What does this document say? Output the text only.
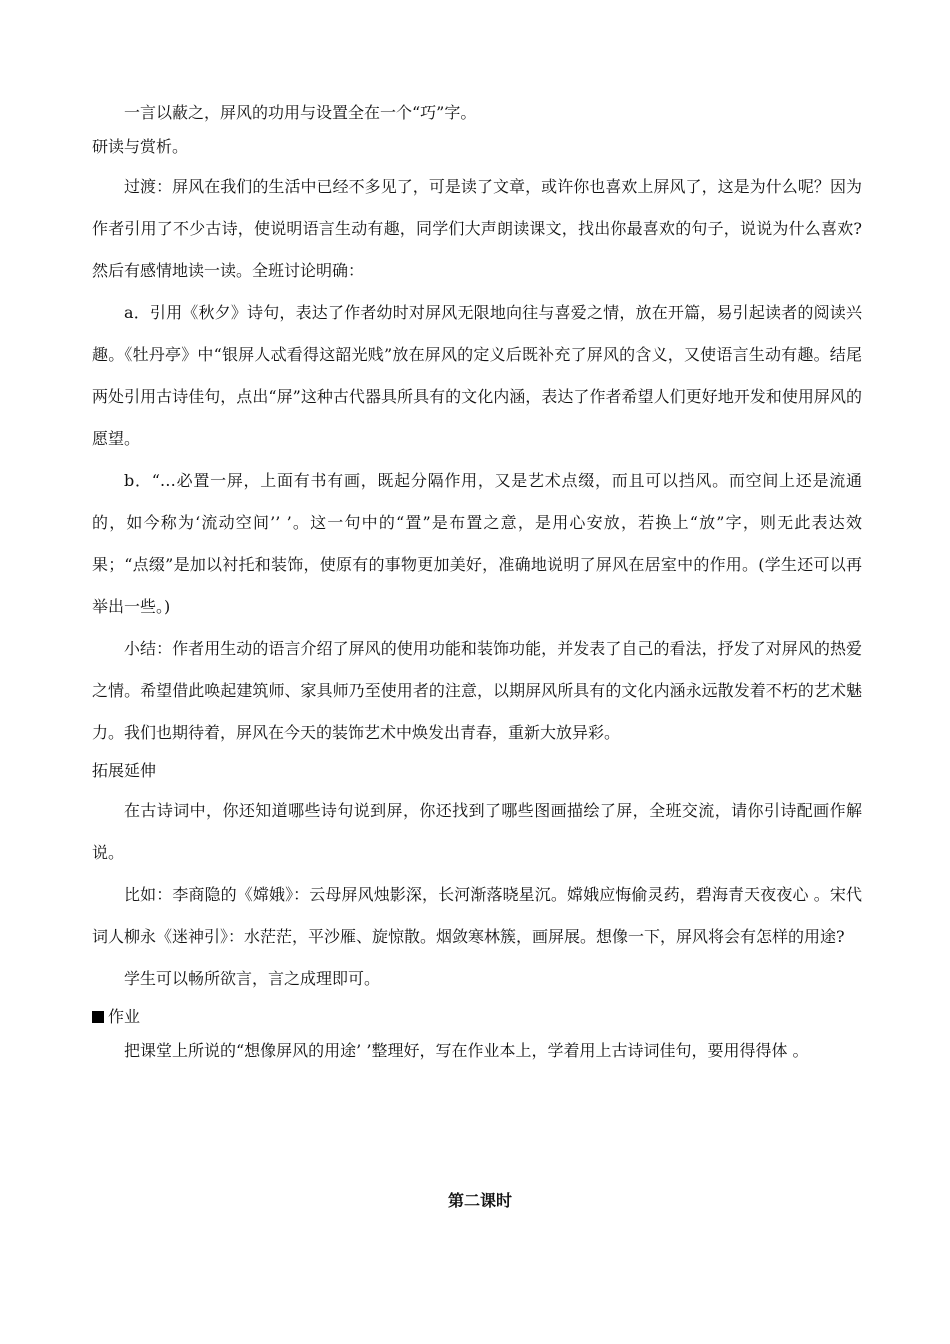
一言以蔽之，屏风的功用与设置全在一个“巧”字。

研读与赏析。

过渡：屏风在我们的生活中已经不多见了，可是读了文章，或许你也喜欢上屏风了，这是为什么呢？因为作者引用了不少古诗，使说明语言生动有趣，同学们大声朗读课文，找出你最喜欢的句子，说说为什么喜欢?然后有感情地读一读。全班讨论明确：

a．引用《秋夕》诗句，表达了作者幼时对屏风无限地向往与喜爱之情，放在开篇，易引起读者的阅读兴趣。《牡丹亭》中“银屏人忒看得这韶光贱”放在屏风的定义后既补充了屏风的含义，又使语言生动有趣。结尾两处引用古诗佳句，点出“屏”这种古代器具所具有的文化内涵，表达了作者希望人们更好地开发和使用屏风的愿望。

b．“…必置一屏，上面有书有画，既起分隔作用，又是艺术点缀，而且可以挡风。而空间上还是流通的，如今称为‘流动空间’’ ’。这一句中的“置”是布置之意，是用心安放，若换上“放”字，则无此表达效果；“点缀”是加以衬托和装饰，使原有的事物更加美好，准确地说明了屏风在居室中的作用。(学生还可以再举出一些。)

小结：作者用生动的语言介绍了屏风的使用功能和装饰功能，并发表了自己的看法，抒发了对屏风的热爱之情。希望借此唤起建筑师、家具师乃至使用者的注意，以期屏风所具有的文化内涵永远散发着不朽的艺术魅力。我们也期待着，屏风在今天的装饰艺术中焕发出青春，重新大放异彩。

拓展延伸

在古诗词中，你还知道哪些诗句说到屏，你还找到了哪些图画描绘了屏，全班交流，请你引诗配画作解说。

比如：李商隐的《嫦娥》：云母屏风烛影深，长河渐落晓星沉。嫦娥应悔偷灵药，碧海青天夜夜心 。宋代词人柳永《迷神引》：水茫茫，平沙雁、旋惊散。烟敛寒林簇，画屏展。想像一下，屏风将会有怎样的用途?

学生可以畅所欲言，言之成理即可。

作业

把课堂上所说的“想像屏风的用途’ ’整理好，写在作业本上，学着用上古诗词佳句，要用得得体 。

第二课时
